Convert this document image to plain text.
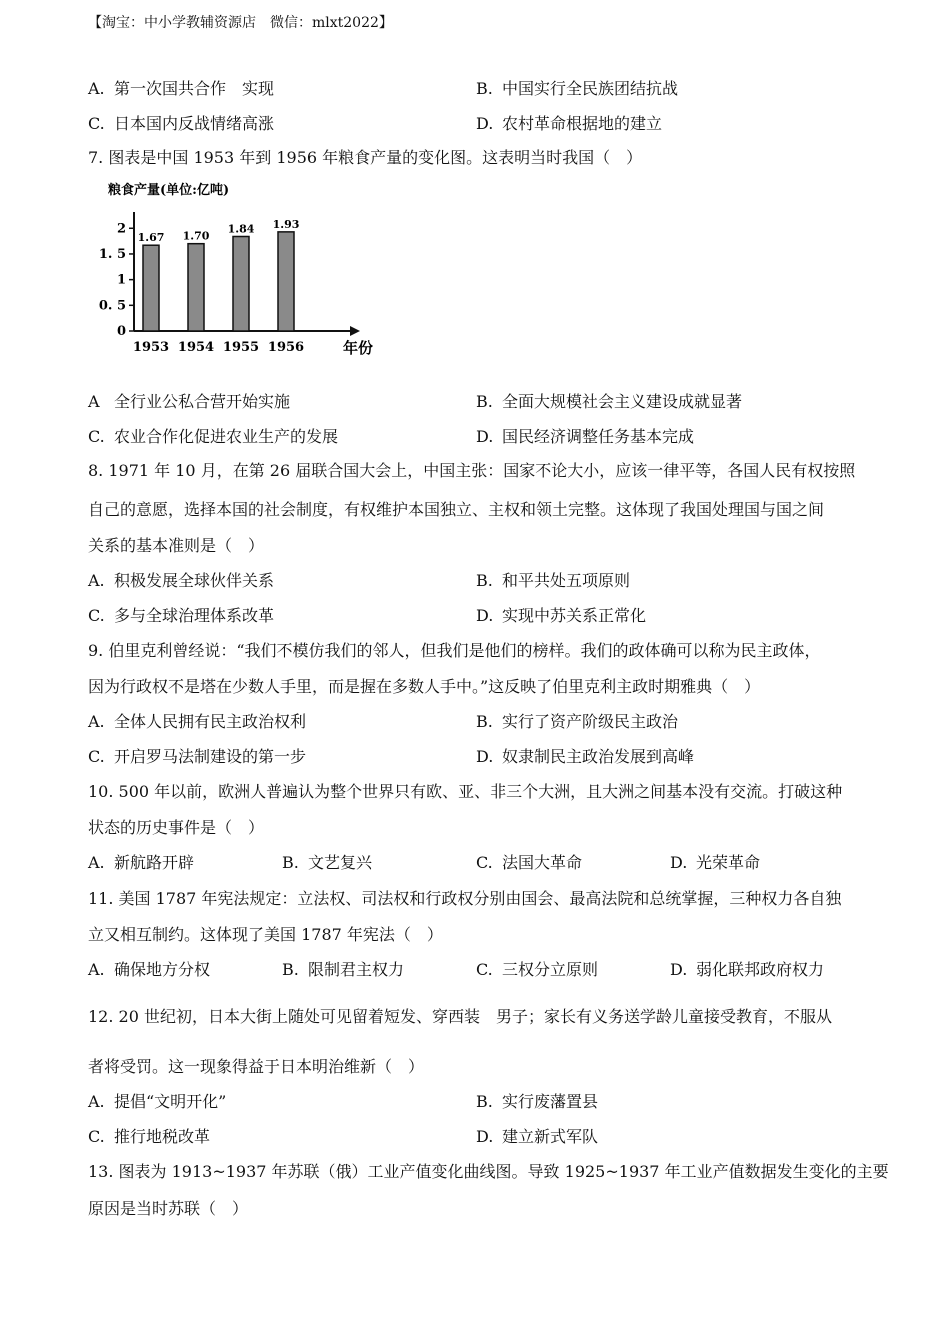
【淘宝：中小学教辅资源店　微信：mlxt2022】
A. 第一次国共合作　实现	B. 中国实行全民族团结抗战
C. 日本国内反战情绪高涨	D. 农村革命根据地的建立
7. 图表是中国 1953 年到 1956 年粮食产量的变化图。这表明当时我国（　）
粮食产量(单位:亿吨)
0
0. 5
1
1. 5
2
1.67
1953
1.70
1954
1.84
1955
1.93
1956	年份
A 全行业公私合营开始实施	B. 全面大规模社会主义建设成就显著
C. 农业合作化促进农业生产的发展	D. 国民经济调整任务基本完成
8. 1971 年 10 月，在第 26 届联合国大会上，中国主张：国家不论大小，应该一律平等，各国人民有权按照
自己的意愿，选择本国的社会制度，有权维护本国独立、主权和领土完整。这体现了我国处理国与国之间
关系的基本准则是（　）
A. 积极发展全球伙伴关系	B. 和平共处五项原则
C. 多与全球治理体系改革	D. 实现中苏关系正常化
9. 伯里克利曾经说：“我们不模仿我们的邻人，但我们是他们的榜样。我们的政体确可以称为民主政体，
因为行政权不是塔在少数人手里，而是握在多数人手中。”这反映了伯里克利主政时期雅典（　）
A. 全体人民拥有民主政治权利	B. 实行了资产阶级民主政治
C. 开启罗马法制建设的第一步	D. 奴隶制民主政治发展到高峰
10. 500 年以前，欧洲人普遍认为整个世界只有欧、亚、非三个大洲，且大洲之间基本没有交流。打破这种
状态的历史事件是（　）
A. 新航路开辟	B. 文艺复兴	C. 法国大革命	D. 光荣革命
11. 美国 1787 年宪法规定：立法权、司法权和行政权分别由国会、最高法院和总统掌握，三种权力各自独
立又相互制约。这体现了美国 1787 年宪法（　）
A. 确保地方分权	B. 限制君主权力	C. 三权分立原则	D. 弱化联邦政府权力
12. 20 世纪初，日本大街上随处可见留着短发、穿西装　男子；家长有义务送学龄儿童接受教育，不服从
者将受罚。这一现象得益于日本明治维新（　）
A. 提倡“文明开化”	B. 实行废藩置县
C. 推行地税改革	D. 建立新式军队
13. 图表为 1913~1937 年苏联（俄）工业产值变化曲线图。导致 1925~1937 年工业产值数据发生变化的主要
原因是当时苏联（　）
